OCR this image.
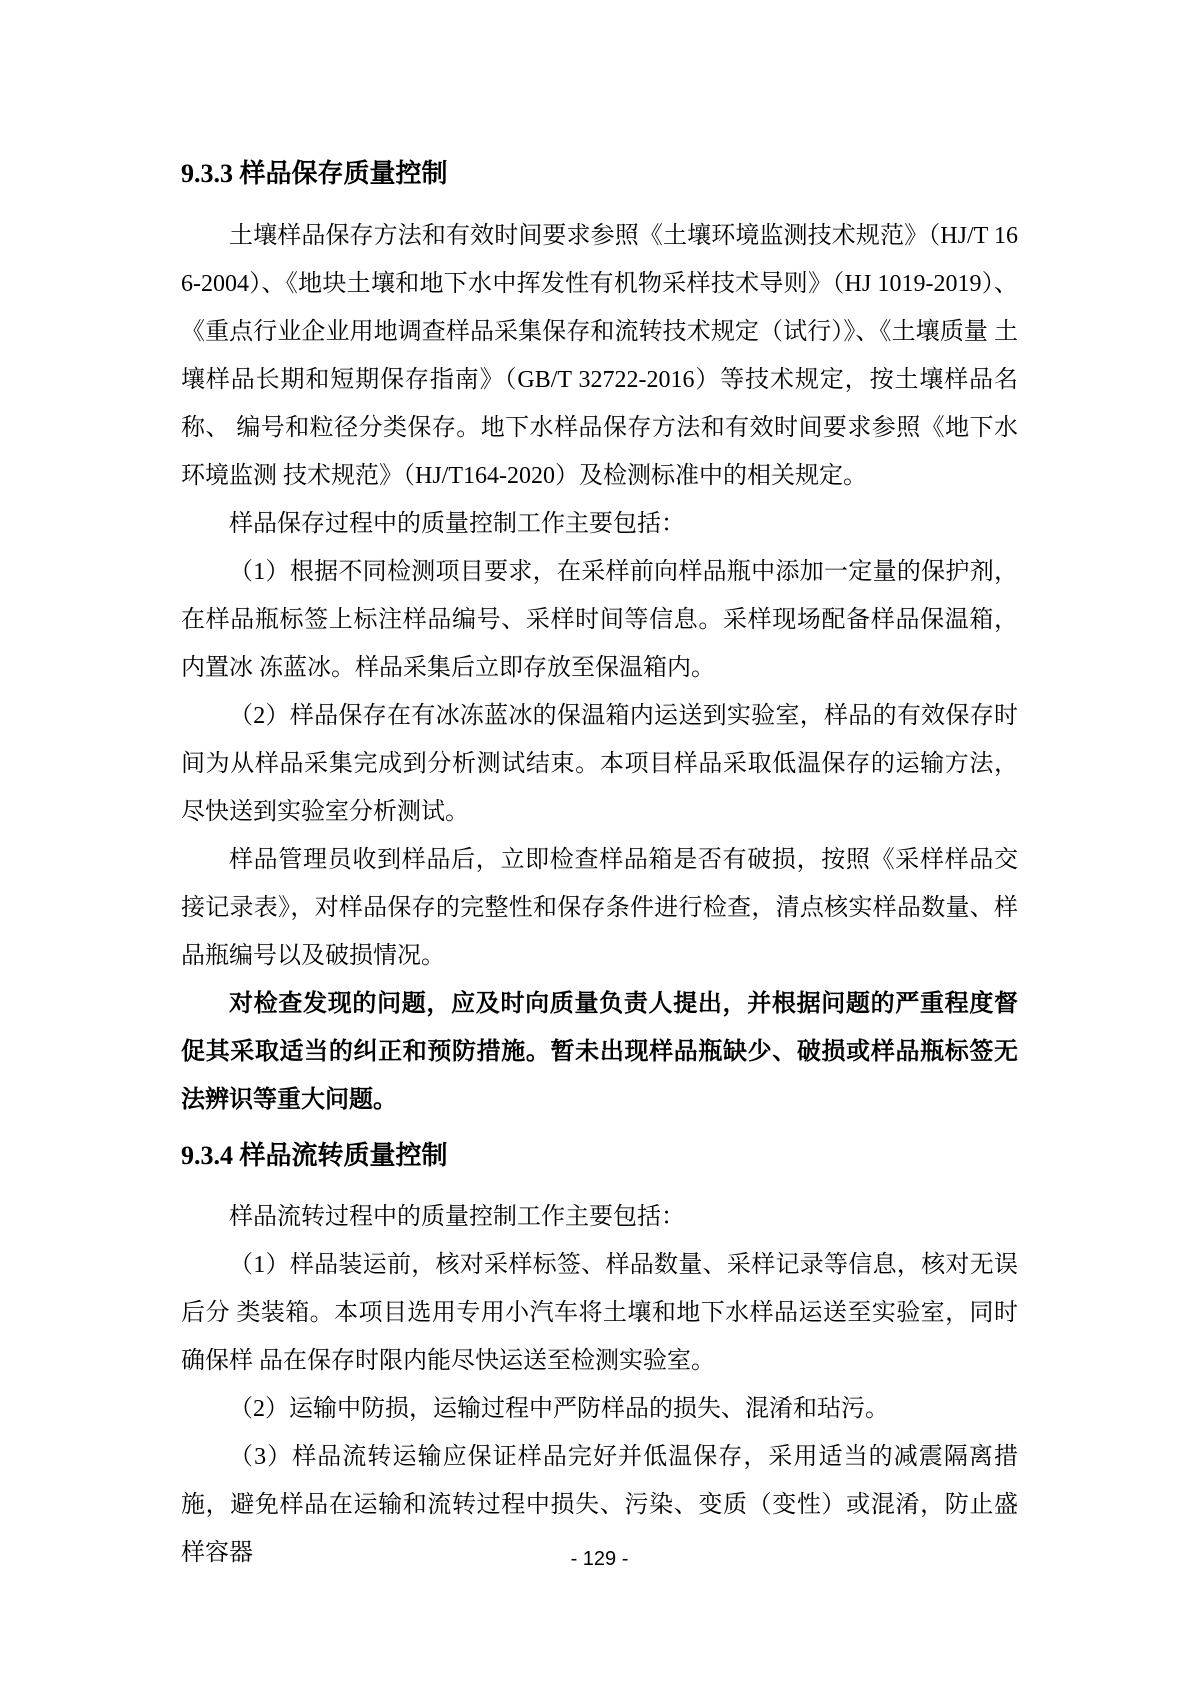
9.3.3 样品保存质量控制

土壤样品保存方法和有效时间要求参照《土壤环境监测技术规范》（HJ/T 166-2004）、《地块土壤和地下水中挥发性有机物采样技术导则》（HJ 1019-2019）、《重点行业企业用地调查样品采集保存和流转技术规定（试行）》、《土壤质量 土壤样品长期和短期保存指南》（GB/T 32722-2016）等技术规定，按土壤样品名称、 编号和粒径分类保存。地下水样品保存方法和有效时间要求参照《地下水环境监测 技术规范》（HJ/T164-2020）及检测标准中的相关规定。

样品保存过程中的质量控制工作主要包括：

（1）根据不同检测项目要求，在采样前向样品瓶中添加一定量的保护剂，在样品瓶标签上标注样品编号、采样时间等信息。采样现场配备样品保温箱，内置冰 冻蓝冰。样品采集后立即存放至保温箱内。

（2）样品保存在有冰冻蓝冰的保温箱内运送到实验室，样品的有效保存时间为从样品采集完成到分析测试结束。本项目样品采取低温保存的运输方法，尽快送到实验室分析测试。

样品管理员收到样品后，立即检查样品箱是否有破损，按照《采样样品交接记录表》，对样品保存的完整性和保存条件进行检查，清点核实样品数量、样品瓶编号以及破损情况。

对检查发现的问题，应及时向质量负责人提出，并根据问题的严重程度督促其采取适当的纠正和预防措施。暂未出现样品瓶缺少、破损或样品瓶标签无法辨识等重大问题。

9.3.4 样品流转质量控制

样品流转过程中的质量控制工作主要包括：

（1）样品装运前，核对采样标签、样品数量、采样记录等信息，核对无误后分 类装箱。本项目选用专用小汽车将土壤和地下水样品运送至实验室，同时确保样 品在保存时限内能尽快运送至检测实验室。

（2）运输中防损，运输过程中严防样品的损失、混淆和玷污。

（3）样品流转运输应保证样品完好并低温保存，采用适当的减震隔离措施，避免样品在运输和流转过程中损失、污染、变质（变性）或混淆，防止盛样容器	- 129 -
